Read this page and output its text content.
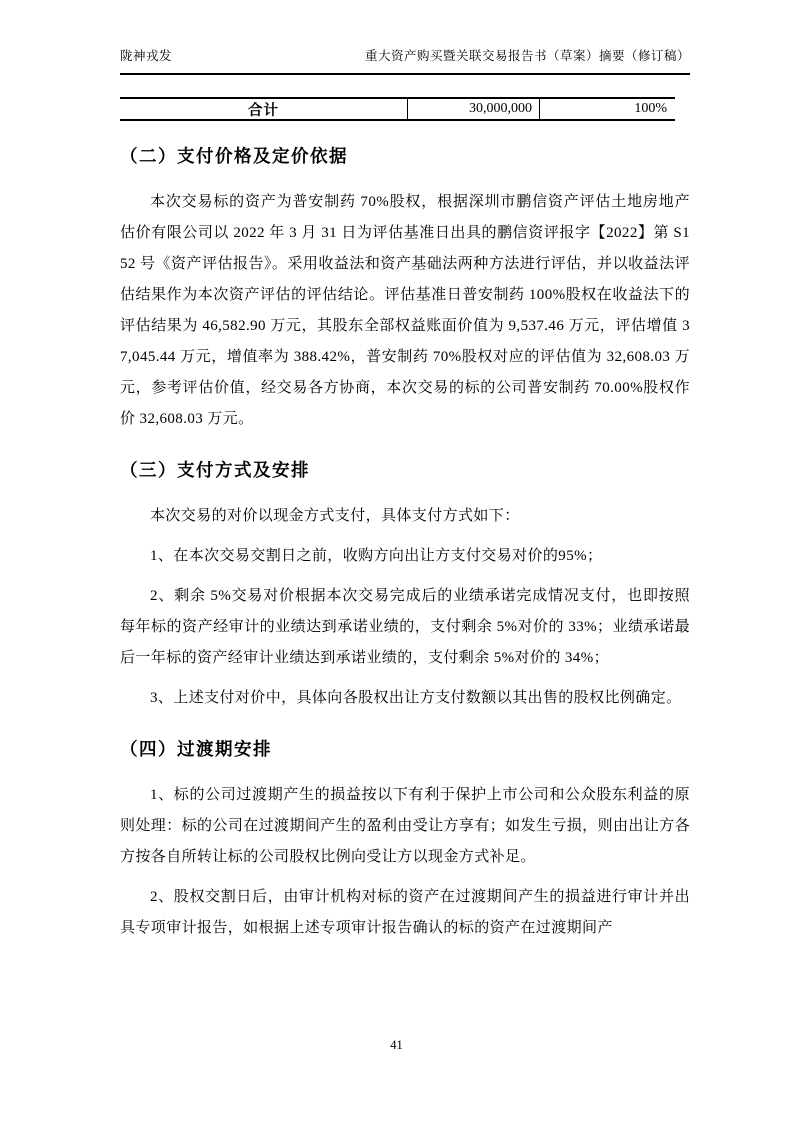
陇神戎发	重大资产购买暨关联交易报告书（草案）摘要（修订稿）
合计	30,000,000	100%
（二）支付价格及定价依据

本次交易标的资产为普安制药 70%股权，根据深圳市鹏信资产评估土地房地产估价有限公司以 2022 年 3 月 31 日为评估基准日出具的鹏信资评报字【2022】第 S152 号《资产评估报告》。采用收益法和资产基础法两种方法进行评估，并以收益法评估结果作为本次资产评估的评估结论。评估基准日普安制药 100%股权在收益法下的评估结果为 46,582.90 万元，其股东全部权益账面价值为 9,537.46 万元，评估增值 37,045.44 万元，增值率为 388.42%，普安制药 70%股权对应的评估值为 32,608.03 万元，参考评估价值，经交易各方协商，本次交易的标的公司普安制药 70.00%股权作价 32,608.03 万元。

（三）支付方式及安排

本次交易的对价以现金方式支付，具体支付方式如下：

1、在本次交易交割日之前，收购方向出让方支付交易对价的95%；

2、剩余 5%交易对价根据本次交易完成后的业绩承诺完成情况支付，也即按照每年标的资产经审计的业绩达到承诺业绩的，支付剩余 5%对价的 33%；业绩承诺最后一年标的资产经审计业绩达到承诺业绩的，支付剩余 5%对价的 34%；

3、上述支付对价中，具体向各股权出让方支付数额以其出售的股权比例确定。

（四）过渡期安排

1、标的公司过渡期产生的损益按以下有利于保护上市公司和公众股东利益的原则处理：标的公司在过渡期间产生的盈利由受让方享有；如发生亏损，则由出让方各方按各自所转让标的公司股权比例向受让方以现金方式补足。

2、股权交割日后，由审计机构对标的资产在过渡期间产生的损益进行审计并出具专项审计报告，如根据上述专项审计报告确认的标的资产在过渡期间产

41
